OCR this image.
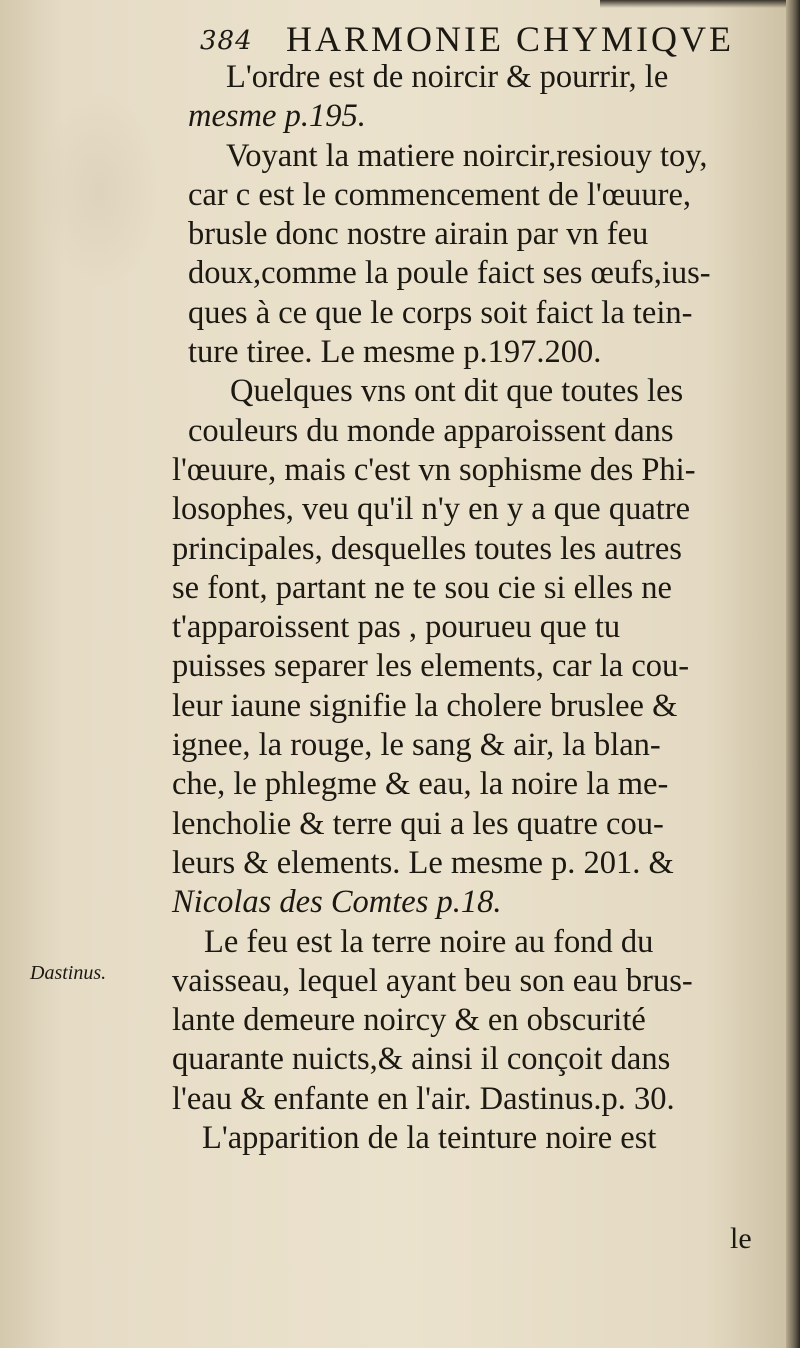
384 HARMONIE CHYMIQVE
L'ordre est de noircir & pourrir, le
mesme p.195.
Voyant la matiere noircir,resiouy toy,
car c est le commencement de l'œuure,
brusle donc nostre airain par vn feu
doux,comme la poule faict ses œufs,ius-
ques à ce que le corps soit faict la tein-
ture tiree. Le mesme p.197.200.
Quelques vns ont dit que toutes les
couleurs du monde apparoissent dans
l'œuure, mais c'est vn sophisme des Phi-
losophes, veu qu'il n'y en y a que quatre
principales, desquelles toutes les autres
se font, partant ne te sou cie si elles ne
t'apparoissent pas , pourueu que tu
puisses separer les elements, car la cou-
leur iaune signifie la cholere bruslee &
ignee, la rouge, le sang & air, la blan-
che, le phlegme & eau, la noire la me-
lencholie & terre qui a les quatre cou-
leurs & elements. Le mesme p. 201. &
Nicolas des Comtes p.18.
Le feu est la terre noire au fond du
vaisseau, lequel ayant beu son eau brus-
lante demeure noircy & en obscurité
quarante nuicts,& ainsi il conçoit dans
l'eau & enfante en l'air. Dastinus.p. 30.
L'apparition de la teinture noire est
Dastinus.
le
